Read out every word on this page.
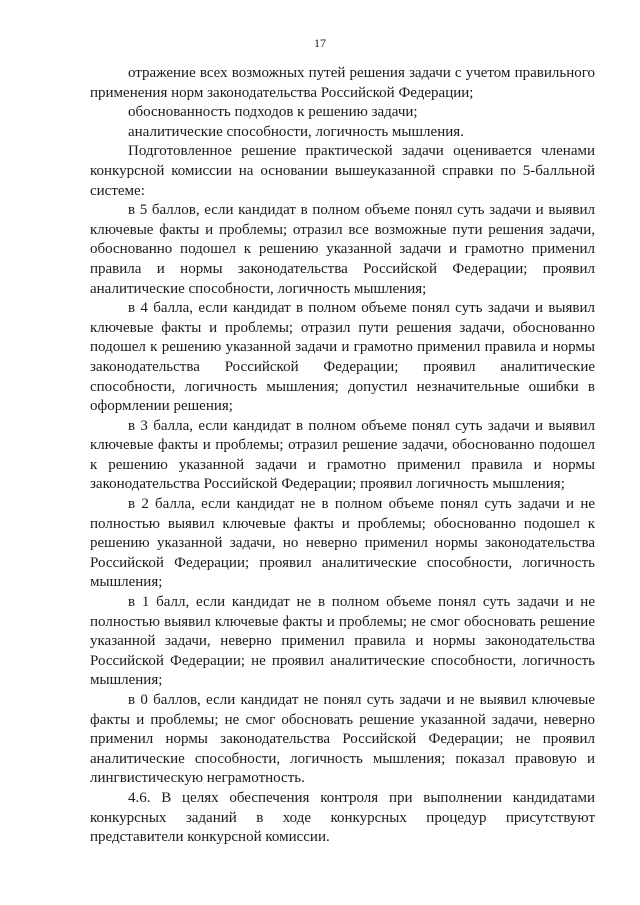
17

отражение всех возможных путей решения задачи с учетом правильного применения норм законодательства Российской Федерации;

обоснованность подходов к решению задачи;

аналитические способности, логичность мышления.

Подготовленное решение практической задачи оценивается членами конкурсной комиссии на основании вышеуказанной справки по 5-балльной системе:

в 5 баллов, если кандидат в полном объеме понял суть задачи и выявил ключевые факты и проблемы; отразил все возможные пути решения задачи, обоснованно подошел к решению указанной задачи и грамотно применил правила и нормы законодательства Российской Федерации; проявил аналитические способности, логичность мышления;

в 4 балла, если кандидат в полном объеме понял суть задачи и выявил ключевые факты и проблемы; отразил пути решения задачи, обоснованно подошел к решению указанной задачи и грамотно применил правила и нормы законодательства Российской Федерации; проявил аналитические способности, логичность мышления; допустил незначительные ошибки в оформлении решения;

в 3 балла, если кандидат в полном объеме понял суть задачи и выявил ключевые факты и проблемы; отразил решение задачи, обоснованно подошел к решению указанной задачи и грамотно применил правила и нормы законодательства Российской Федерации; проявил логичность мышления;

в 2 балла, если кандидат не в полном объеме понял суть задачи и не полностью выявил ключевые факты и проблемы; обоснованно подошел к решению указанной задачи, но неверно применил нормы законодательства Российской Федерации; проявил аналитические способности, логичность мышления;

в 1 балл, если кандидат не в полном объеме понял суть задачи и не полностью выявил ключевые факты и проблемы; не смог обосновать решение указанной задачи, неверно применил правила и нормы законодательства Российской Федерации; не проявил аналитические способности, логичность мышления;

в 0 баллов, если кандидат не понял суть задачи и не выявил ключевые факты и проблемы; не смог обосновать решение указанной задачи, неверно применил нормы законодательства Российской Федерации; не проявил аналитические способности, логичность мышления; показал правовую и лингвистическую неграмотность.

4.6. В целях обеспечения контроля при выполнении кандидатами конкурсных заданий в ходе конкурсных процедур присутствуют представители конкурсной комиссии.
